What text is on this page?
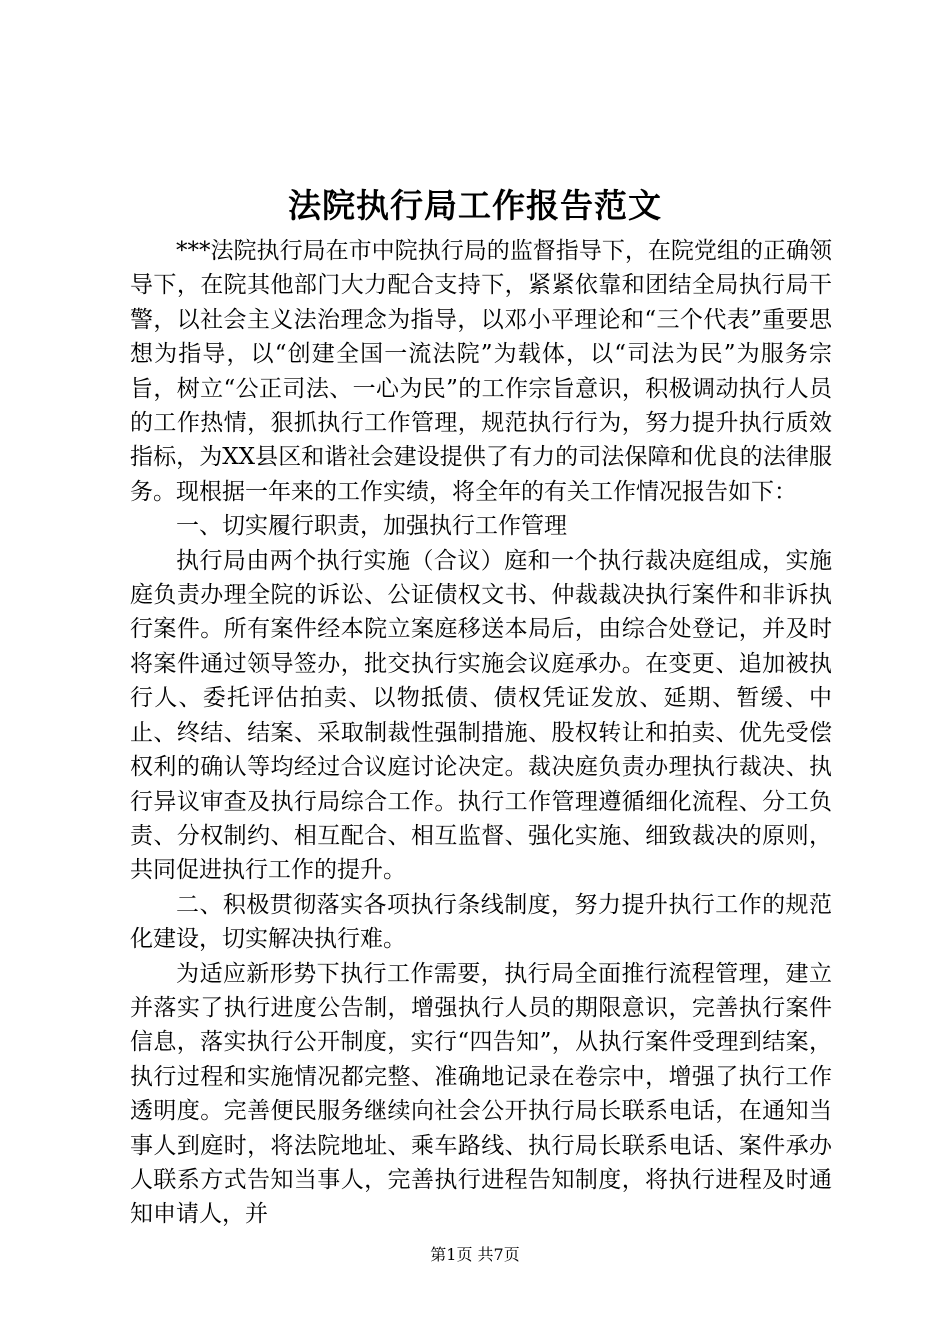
法院执行局工作报告范文

***法院执行局在市中院执行局的监督指导下，在院党组的正确领导下，在院其他部门大力配合支持下，紧紧依靠和团结全局执行局干警，以社会主义法治理念为指导，以邓小平理论和“三个代表”重要思想为指导，以“创建全国一流法院”为载体，以“司法为民”为服务宗旨，树立“公正司法、一心为民”的工作宗旨意识，积极调动执行人员的工作热情，狠抓执行工作管理，规范执行行为，努力提升执行质效指标，为XX县区和谐社会建设提供了有力的司法保障和优良的法律服务。现根据一年来的工作实绩，将全年的有关工作情况报告如下：

一、切实履行职责，加强执行工作管理

执行局由两个执行实施（合议）庭和一个执行裁决庭组成，实施庭负责办理全院的诉讼、公证债权文书、仲裁裁决执行案件和非诉执行案件。所有案件经本院立案庭移送本局后，由综合处登记，并及时将案件通过领导签办，批交执行实施会议庭承办。在变更、追加被执行人、委托评估拍卖、以物抵债、债权凭证发放、延期、暂缓、中止、终结、结案、采取制裁性强制措施、股权转让和拍卖、优先受偿权利的确认等均经过合议庭讨论决定。裁决庭负责办理执行裁决、执行异议审查及执行局综合工作。执行工作管理遵循细化流程、分工负责、分权制约、相互配合、相互监督、强化实施、细致裁决的原则，共同促进执行工作的提升。

二、积极贯彻落实各项执行条线制度，努力提升执行工作的规范化建设，切实解决执行难。

为适应新形势下执行工作需要，执行局全面推行流程管理，建立并落实了执行进度公告制，增强执行人员的期限意识，完善执行案件信息，落实执行公开制度，实行“四告知”，从执行案件受理到结案，执行过程和实施情况都完整、准确地记录在卷宗中，增强了执行工作透明度。完善便民服务继续向社会公开执行局长联系电话，在通知当事人到庭时，将法院地址、乘车路线、执行局长联系电话、案件承办人联系方式告知当事人，完善执行进程告知制度，将执行进程及时通知申请人，并

第1页 共7页
